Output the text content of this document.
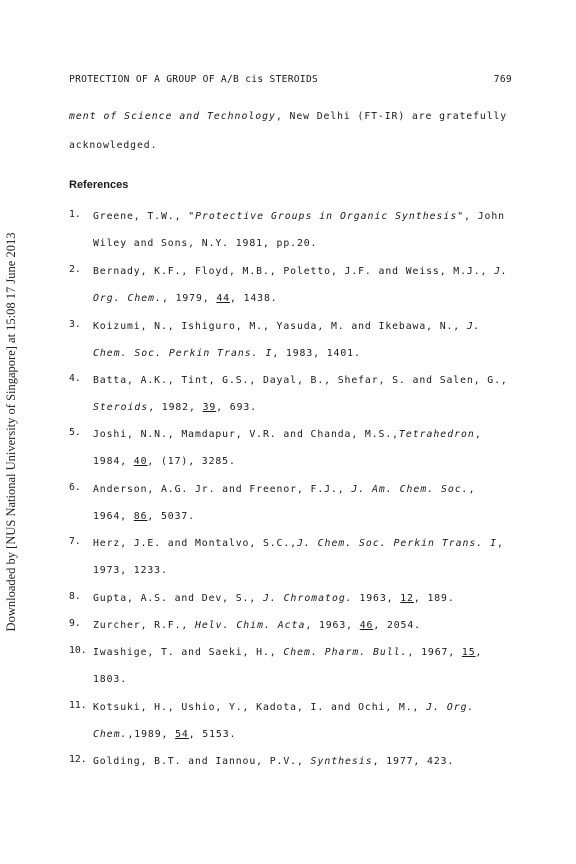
Downloaded by [NUS National University of Singapore] at 15:08 17 June 2013
PROTECTION OF A GROUP OF A/B cis STEROIDS	769
ment of Science and Technology, New Delhi (FT-IR) are gratefully
acknowledged.
References
1. Greene, T.W., "Protective Groups in Organic Synthesis", John Wiley and Sons, N.Y. 1981, pp.20.
2. Bernady, K.F., Floyd, M.B., Poletto, J.F. and Weiss, M.J., J. Org. Chem., 1979, 44, 1438.
3. Koizumi, N., Ishiguro, M., Yasuda, M. and Ikebawa, N., J. Chem. Soc. Perkin Trans. I, 1983, 1401.
4. Batta, A.K., Tint, G.S., Dayal, B., Shefar, S. and Salen, G., Steroids, 1982, 39, 693.
5. Joshi, N.N., Mamdapur, V.R. and Chanda, M.S.,Tetrahedron, 1984, 40, (17), 3285.
6. Anderson, A.G. Jr. and Freenor, F.J., J. Am. Chem. Soc., 1964, 86, 5037.
7. Herz, J.E. and Montalvo, S.C.,J. Chem. Soc. Perkin Trans. I, 1973, 1233.
8. Gupta, A.S. and Dev, S., J. Chromatog. 1963, 12, 189.
9. Zurcher, R.F., Helv. Chim. Acta, 1963, 46, 2054.
10. Iwashige, T. and Saeki, H., Chem. Pharm. Bull., 1967, 15, 1803.
11. Kotsuki, H., Ushio, Y., Kadota, I. and Ochi, M., J. Org. Chem.,1989, 54, 5153.
12. Golding, B.T. and Iannou, P.V., Synthesis, 1977, 423.
